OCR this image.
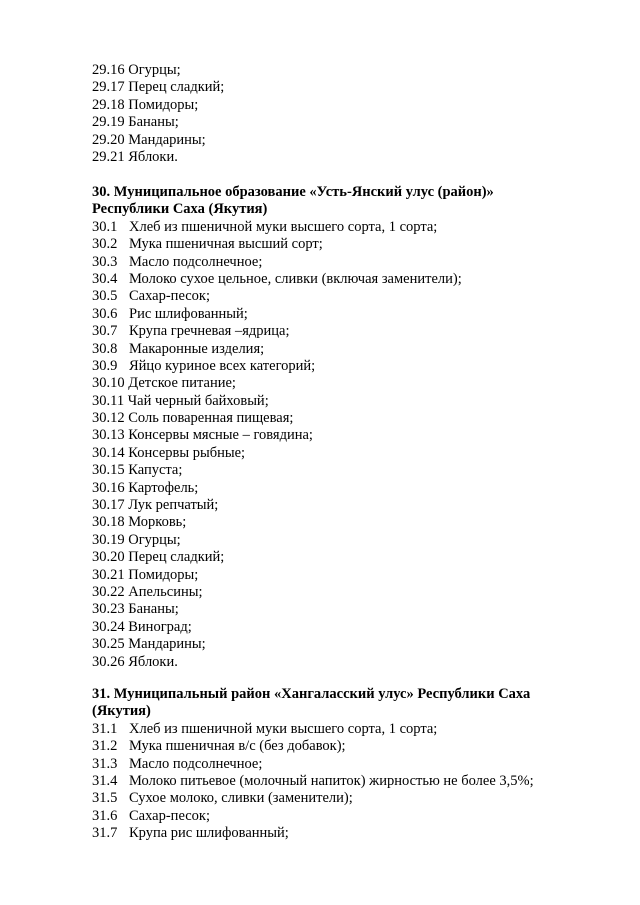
29.16 Огурцы;
29.17 Перец сладкий;
29.18 Помидоры;
29.19 Бананы;
29.20 Мандарины;
29.21 Яблоки.
30. Муниципальное образование «Усть-Янский улус (район)»
Республики Саха (Якутия)
30.1 Хлеб из пшеничной муки высшего сорта, 1 сорта;
30.2 Мука пшеничная высший сорт;
30.3 Масло подсолнечное;
30.4 Молоко сухое цельное, сливки (включая заменители);
30.5 Сахар-песок;
30.6 Рис шлифованный;
30.7 Крупа гречневая –ядрица;
30.8 Макаронные изделия;
30.9 Яйцо куриное всех категорий;
30.10 Детское питание;
30.11 Чай черный байховый;
30.12 Соль поваренная пищевая;
30.13 Консервы мясные – говядина;
30.14 Консервы рыбные;
30.15 Капуста;
30.16 Картофель;
30.17 Лук репчатый;
30.18 Морковь;
30.19 Огурцы;
30.20 Перец сладкий;
30.21 Помидоры;
30.22 Апельсины;
30.23 Бананы;
30.24 Виноград;
30.25 Мандарины;
30.26 Яблоки.
31. Муниципальный район «Хангаласский улус» Республики Саха
(Якутия)
31.1 Хлеб из пшеничной муки высшего сорта, 1 сорта;
31.2 Мука пшеничная в/с (без добавок);
31.3 Масло подсолнечное;
31.4 Молоко питьевое (молочный напиток) жирностью не более 3,5%;
31.5 Сухое молоко, сливки (заменители);
31.6 Сахар-песок;
31.7 Крупа рис шлифованный;
